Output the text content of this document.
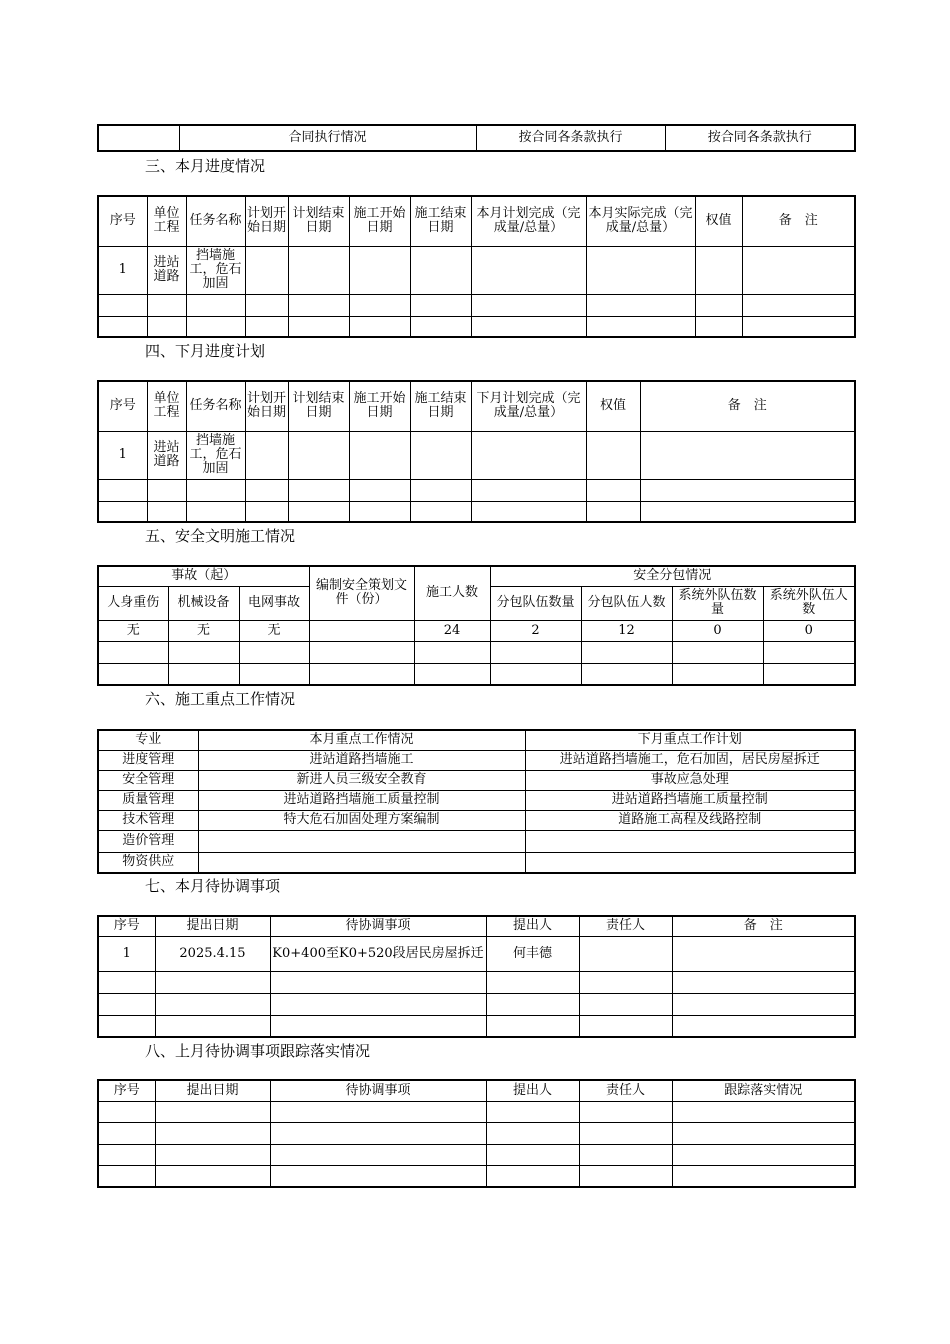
	合同执行情况	按合同各条款执行	按合同各条款执行
三、本月进度情况
序号	单位工程	任务名称	计划开始日期	计划结束日期	施工开始日期	施工结束日期	本月计划完成（完成量/总量）	本月实际完成（完成量/总量）	权值	备　注
1	进站道路	挡墙施工，危石加固								

四、下月进度计划
序号	单位工程	任务名称	计划开始日期	计划结束日期	施工开始日期	施工结束日期	下月计划完成（完成量/总量）	权值	备　注
1	进站道路	挡墙施工，危石加固							

五、安全文明施工情况
事故（起）			编制安全策划文件（份）	施工人数	安全分包情况			
人身重伤	机械设备	电网事故			分包队伍数量	分包队伍人数	系统外队伍数量	系统外队伍人数
无	无	无		24	2	12	0	0

六、施工重点工作情况
专业	本月重点工作情况	下月重点工作计划
进度管理	进站道路挡墙施工	进站道路挡墙施工，危石加固，居民房屋拆迁
安全管理	新进人员三级安全教育	事故应急处理
质量管理	进站道路挡墙施工质量控制	进站道路挡墙施工质量控制
技术管理	特大危石加固处理方案编制	道路施工高程及线路控制
造价管理		
物资供应		
七、本月待协调事项
序号	提出日期	待协调事项	提出人	责任人	备　注
1	2025.4.15	K0+400至K0+520段居民房屋拆迁	何丰德		

八、上月待协调事项跟踪落实情况
序号	提出日期	待协调事项	提出人	责任人	跟踪落实情况
